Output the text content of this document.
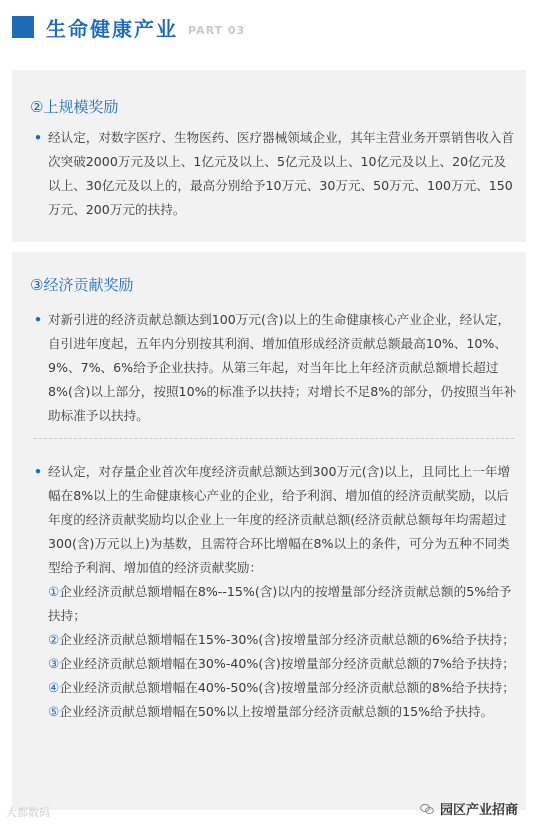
生命健康产业 PART 03
②上规模奖励
• 经认定，对数字医疗、生物医药、医疗器械领域企业，其年主营业务开票销售收入首次突破2000万元及以上、1亿元及以上、5亿元及以上、10亿元及以上、20亿元及以上、30亿元及以上的，最高分别给予10万元、30万元、50万元、100万元、150万元、200万元的扶持。
③经济贡献奖励
• 对新引进的经济贡献总额达到100万元(含)以上的生命健康核心产业企业，经认定，自引进年度起，五年内分别按其利润、增加值形成经济贡献总额最高10%、10%、9%、7%、6%给予企业扶持。从第三年起，对当年比上年经济贡献总额增长超过8%(含)以上部分，按照10%的标准予以扶持；对增长不足8%的部分，仍按照当年补助标准予以扶持。
• 经认定，对存量企业首次年度经济贡献总额达到300万元(含)以上，且同比上一年增幅在8%以上的生命健康核心产业的企业，给予利润、增加值的经济贡献奖励，以后年度的经济贡献奖励均以企业上一年度的经济贡献总额(经济贡献总额每年均需超过300(含)万元以上)为基数，且需符合环比增幅在8%以上的条件，可分为五种不同类型给予利润、增加值的经济贡献奖励：
①企业经济贡献总额增幅在8%--15%(含)以内的按增量部分经济贡献总额的5%给予扶持；
②企业经济贡献总额增幅在15%-30%(含)按增量部分经济贡献总额的6%给予扶持；
③企业经济贡献总额增幅在30%-40%(含)按增量部分经济贡献总额的7%给予扶持；
④企业经济贡献总额增幅在40%-50%(含)按增量部分经济贡献总额的8%给予扶持；
⑤企业经济贡献总额增幅在50%以上按增量部分经济贡献总额的15%给予扶持。
大都数码	园区产业招商
